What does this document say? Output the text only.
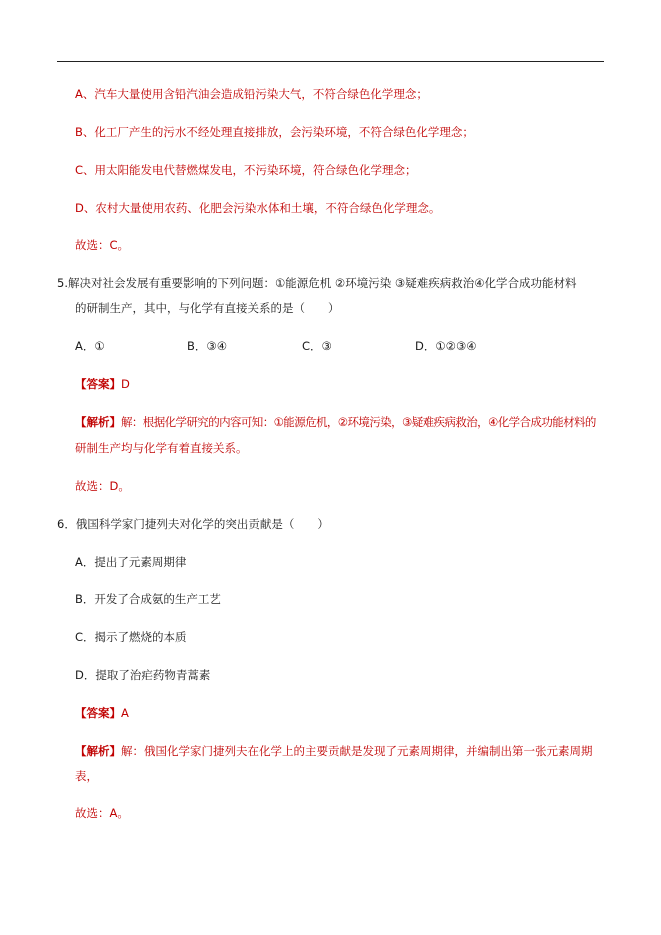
A、汽车大量使用含铅汽油会造成铅污染大气，不符合绿色化学理念；
B、化工厂产生的污水不经处理直接排放，会污染环境，不符合绿色化学理念；
C、用太阳能发电代替燃煤发电，不污染环境，符合绿色化学理念；
D、农村大量使用农药、化肥会污染水体和土壤，不符合绿色化学理念。
故选：C。
5.解决对社会发展有重要影响的下列问题：①能源危机 ②环境污染 ③疑难疾病救治④化学合成功能材料
的研制生产，其中，与化学有直接关系的是（　　）
A．①	B．③④	C．③	D．①②③④
【答案】D
【解析】解：根据化学研究的内容可知：①能源危机，②环境污染，③疑难疾病救治，④化学合成功能材料的
研制生产均与化学有着直接关系。
故选：D。
6．俄国科学家门捷列夫对化学的突出贡献是（　　）
A．提出了元素周期律
B．开发了合成氨的生产工艺
C．揭示了燃烧的本质
D．提取了治疟药物青蒿素
【答案】A
【解析】解：俄国化学家门捷列夫在化学上的主要贡献是发现了元素周期律，并编制出第一张元素周期
表，
故选：A。
